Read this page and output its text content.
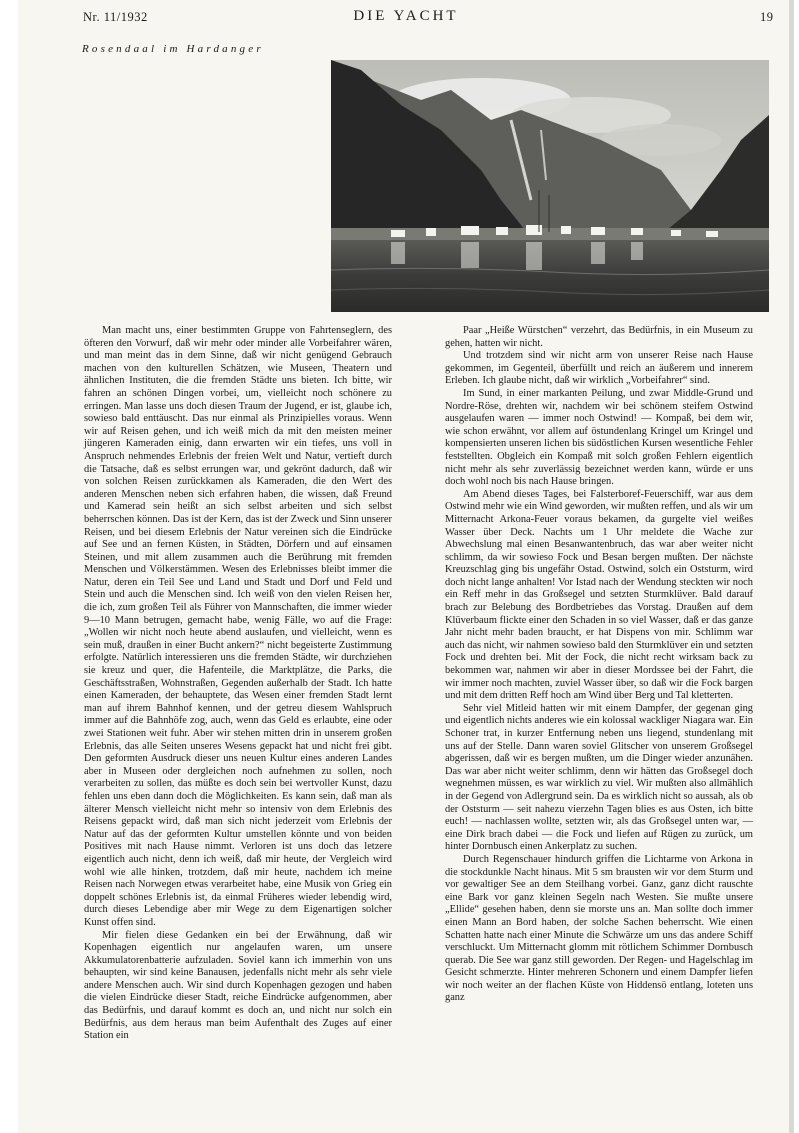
Nr. 11/1932	DIE YACHT	19
Rosendaal im Hardanger

Man macht uns, einer bestimmten Gruppe von Fahrtenseglern, des öfteren den Vorwurf, daß wir mehr oder minder alle Vorbeifahrer wären, und man meint das in dem Sinne, daß wir nicht genügend Gebrauch machen von den kulturellen Schätzen, wie Museen, Theatern und ähnlichen Instituten, die die fremden Städte uns bieten. Ich bitte, wir fahren an schönen Dingen vorbei, um, vielleicht noch schönere zu erringen. Man lasse uns doch diesen Traum der Jugend, er ist, glaube ich, sowieso bald enttäuscht. Das nur einmal als Prinzipielles voraus. Wenn wir auf Reisen gehen, und ich weiß mich da mit den meisten meiner jüngeren Kameraden einig, dann erwarten wir ein tiefes, uns voll in Anspruch nehmendes Erlebnis der freien Welt und Natur, vertieft durch die Tatsache, daß es selbst errungen war, und gekrönt dadurch, daß wir von solchen Reisen zurückkamen als Kameraden, die den Wert des anderen Menschen neben sich erfahren haben, die wissen, daß Freund und Kamerad sein heißt an sich selbst arbeiten und sich selbst beherrschen können. Das ist der Kern, das ist der Zweck und Sinn unserer Reisen, und bei diesem Erlebnis der Natur vereinen sich die Eindrücke auf See und an fernen Küsten, in Städten, Dörfern und auf einsamen Steinen, und mit allem zusammen auch die Berührung mit fremden Menschen und Völkerstämmen. Wesen des Erlebnisses bleibt immer die Natur, deren ein Teil See und Land und Stadt und Dorf und Feld und Stein und auch die Menschen sind. Ich weiß von den vielen Reisen her, die ich, zum großen Teil als Führer von Mannschaften, die immer wieder 9—10 Mann betrugen, gemacht habe, wenig Fälle, wo auf die Frage: „Wollen wir nicht noch heute abend auslaufen, und vielleicht, wenn es sein muß, draußen in einer Bucht ankern?“ nicht begeisterte Zustimmung erfolgte. Natürlich interessieren uns die fremden Städte, wir durchziehen sie kreuz und quer, die Hafenteile, die Marktplätze, die Parks, die Geschäftsstraßen, Wohnstraßen, Gegenden außerhalb der Stadt. Ich hatte einen Kameraden, der behauptete, das Wesen einer fremden Stadt lernt man auf ihrem Bahnhof kennen, und der getreu diesem Wahlspruch immer auf die Bahnhöfe zog, auch, wenn das Geld es erlaubte, eine oder zwei Stationen weit fuhr. Aber wir stehen mitten drin in unserem großen Erlebnis, das alle Seiten unseres Wesens gepackt hat und nicht frei gibt. Den geformten Ausdruck dieser uns neuen Kultur eines anderen Landes aber in Museen oder dergleichen noch aufnehmen zu sollen, noch verarbeiten zu sollen, das müßte es doch sein bei wertvoller Kunst, dazu fehlen uns eben dann doch die Möglichkeiten. Es kann sein, daß man als älterer Mensch vielleicht nicht mehr so intensiv von dem Erlebnis des Reisens gepackt wird, daß man sich nicht jederzeit vom Erlebnis der Natur auf das der geformten Kultur umstellen könnte und von beiden Positives mit nach Hause nimmt. Verloren ist uns doch das letzere eigentlich auch nicht, denn ich weiß, daß mir heute, der Vergleich wird wohl wie alle hinken, trotzdem, daß mir heute, nachdem ich meine Reisen nach Norwegen etwas verarbeitet habe, eine Musik von Grieg ein doppelt schönes Erlebnis ist, da einmal Früheres wieder lebendig wird, durch dieses Lebendige aber mir Wege zu dem Eigenartigen solcher Kunst offen sind.

Mir fielen diese Gedanken ein bei der Erwähnung, daß wir Kopenhagen eigentlich nur angelaufen waren, um unsere Akkumulatorenbatterie aufzuladen. Soviel kann ich immerhin von uns behaupten, wir sind keine Banausen, jedenfalls nicht mehr als sehr viele andere Menschen auch. Wir sind durch Kopenhagen gezogen und haben die vielen Eindrücke dieser Stadt, reiche Eindrücke aufgenommen, aber das Bedürfnis, und darauf kommt es doch an, und nicht nur solch ein Bedürfnis, aus dem heraus man beim Aufenthalt des Zuges auf einer Station ein

Paar „Heiße Würstchen“ verzehrt, das Bedürfnis, in ein Museum zu gehen, hatten wir nicht.

Und trotzdem sind wir nicht arm von unserer Reise nach Hause gekommen, im Gegenteil, überfüllt und reich an äußerem und innerem Erleben. Ich glaube nicht, daß wir wirklich „Vorbeifahrer“ sind.

Im Sund, in einer markanten Peilung, und zwar Middle-Grund und Nordre-Röse, drehten wir, nachdem wir bei schönem steifem Ostwind ausgelaufen waren — immer noch Ostwind! — Kompaß, bei dem wir, wie schon erwähnt, vor allem auf östundenlang Kringel um Kringel und kompensierten unseren lichen bis südöstlichen Kursen wesentliche Fehler feststellten. Obgleich ein Kompaß mit solch großen Fehlern eigentlich nicht mehr als sehr zuverlässig bezeichnet werden kann, würde er uns doch wohl noch bis nach Hause bringen.

Am Abend dieses Tages, bei Falsterboref-Feuerschiff, war aus dem Ostwind mehr wie ein Wind geworden, wir mußten reffen, und als wir um Mitternacht Arkona-Feuer voraus bekamen, da gurgelte viel weißes Wasser über Deck. Nachts um 1 Uhr meldete die Wache zur Abwechslung mal einen Besanwantenbruch, das war aber weiter nicht schlimm, da wir sowieso Fock und Besan bergen mußten. Der nächste Kreuzschlag ging bis ungefähr Ostad. Ostwind, solch ein Oststurm, wird doch nicht lange anhalten! Vor Istad nach der Wendung steckten wir noch ein Reff mehr in das Großsegel und setzten Sturmklüver. Bald darauf brach zur Belebung des Bordbetriebes das Vorstag. Draußen auf dem Klüverbaum flickte einer den Schaden in so viel Wasser, daß er das ganze Jahr nicht mehr baden braucht, er hat Dispens von mir. Schlimm war auch das nicht, wir nahmen sowieso bald den Sturmklüver ein und setzten Fock und drehten bei. Mit der Fock, die nicht recht wirksam back zu bekommen war, nahmen wir aber in dieser Mordssee bei der Fahrt, die wir immer noch machten, zuviel Wasser über, so daß wir die Fock bargen und mit dem dritten Reff hoch am Wind über Berg und Tal kletterten.

Sehr viel Mitleid hatten wir mit einem Dampfer, der gegenan ging und eigentlich nichts anderes wie ein kolossal wackliger Niagara war. Ein Schoner trat, in kurzer Entfernung neben uns liegend, stundenlang mit uns auf der Stelle. Dann waren soviel Glitscher von unserem Großsegel abgerissen, daß wir es bergen mußten, um die Dinger wieder anzunähen. Das war aber nicht weiter schlimm, denn wir hätten das Großsegel doch wegnehmen müssen, es war wirklich zu viel. Wir mußten also allmählich in der Gegend von Adlergrund sein. Da es wirklich nicht so aussah, als ob der Oststurm — seit nahezu vierzehn Tagen blies es aus Osten, ich bitte euch! — nachlassen wollte, setzten wir, als das Großsegel unten war, — eine Dirk brach dabei — die Fock und liefen auf Rügen zu zurück, um hinter Dornbusch einen Ankerplatz zu suchen.

Durch Regenschauer hindurch griffen die Lichtarme von Arkona in die stockdunkle Nacht hinaus. Mit 5 sm brausten wir vor dem Sturm und vor gewaltiger See an dem Steilhang vorbei. Ganz, ganz dicht rauschte eine Bark vor ganz kleinen Segeln nach Westen. Sie mußte unsere „Ellide“ gesehen haben, denn sie morste uns an. Man sollte doch immer einen Mann an Bord haben, der solche Sachen beherrscht. Wie einen Schatten hatte nach einer Minute die Schwärze um uns das andere Schiff verschluckt. Um Mitternacht glomm mit rötlichem Schimmer Dornbusch querab. Die See war ganz still geworden. Der Regen- und Hagelschlag im Gesicht schmerzte. Hinter mehreren Schonern und einem Dampfer liefen wir noch weiter an der flachen Küste von Hiddensö entlang, loteten uns ganz
